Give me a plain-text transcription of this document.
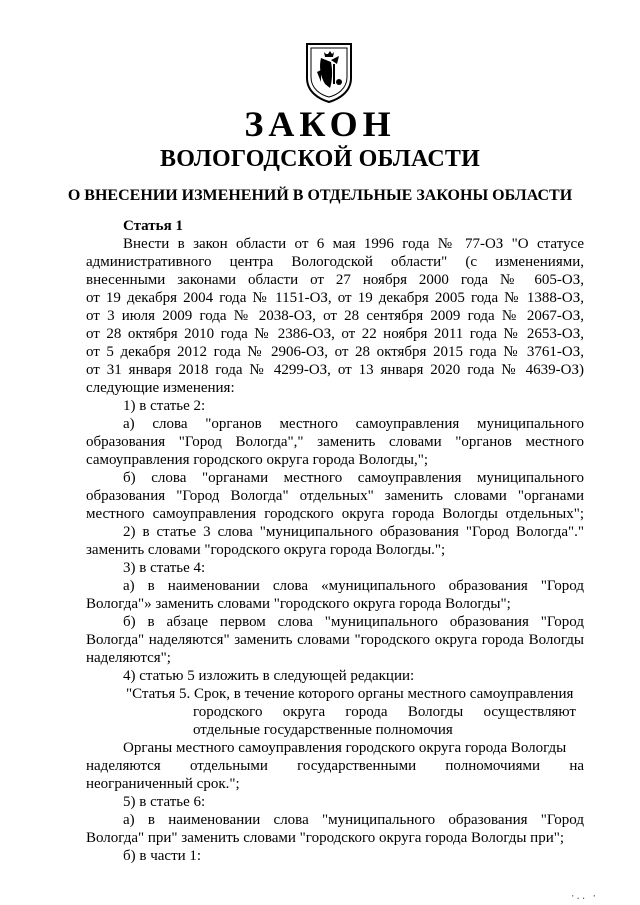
ЗАКОН
ВОЛОГОДСКОЙ ОБЛАСТИ
О ВНЕСЕНИИ ИЗМЕНЕНИЙ В ОТДЕЛЬНЫЕ ЗАКОНЫ ОБЛАСТИ

Статья 1

Внести в закон области от 6 мая 1996 года № 77-ОЗ "О статусе

административного центра Вологодской области" (с изменениями,

внесенными законами области от 27 ноября 2000 года № 605-ОЗ,

от 19 декабря 2004 года № 1151-ОЗ, от 19 декабря 2005 года № 1388-ОЗ,

от 3 июля 2009 года № 2038-ОЗ, от 28 сентября 2009 года № 2067-ОЗ,

от 28 октября 2010 года № 2386-ОЗ, от 22 ноября 2011 года № 2653-ОЗ,

от 5 декабря 2012 года № 2906-ОЗ, от 28 октября 2015 года № 3761-ОЗ,

от 31 января 2018 года № 4299-ОЗ, от 13 января 2020 года № 4639-ОЗ)

следующие изменения:

1) в статье 2:

а) слова "органов местного самоуправления муниципального

образования "Город Вологда"," заменить словами "органов местного

самоуправления городского округа города Вологды,";

б) слова "органами местного самоуправления муниципального

образования "Город Вологда" отдельных" заменить словами "органами

местного самоуправления городского округа города Вологды отдельных";

2) в статье 3 слова "муниципального образования "Город Вологда"."

заменить словами "городского округа города Вологды.";

3) в статье 4:

а) в наименовании слова «муниципального образования "Город

Вологда"» заменить словами "городского округа города Вологды";

б) в абзаце первом слова "муниципального образования "Город

Вологда" наделяются" заменить словами "городского округа города Вологды

наделяются";

4) статью 5 изложить в следующей редакции:

"Статья 5. Срок, в течение которого органы местного самоуправления

городского округа города Вологды осуществляют

отдельные государственные полномочия

Органы местного самоуправления городского округа города Вологды

наделяются отдельными государственными полномочиями на

неограниченный срок.";

5) в статье 6:

а) в наименовании слова "муниципального образования "Город

Вологда" при" заменить словами "городского округа города Вологды при";

б) в части 1:

·.. ·
